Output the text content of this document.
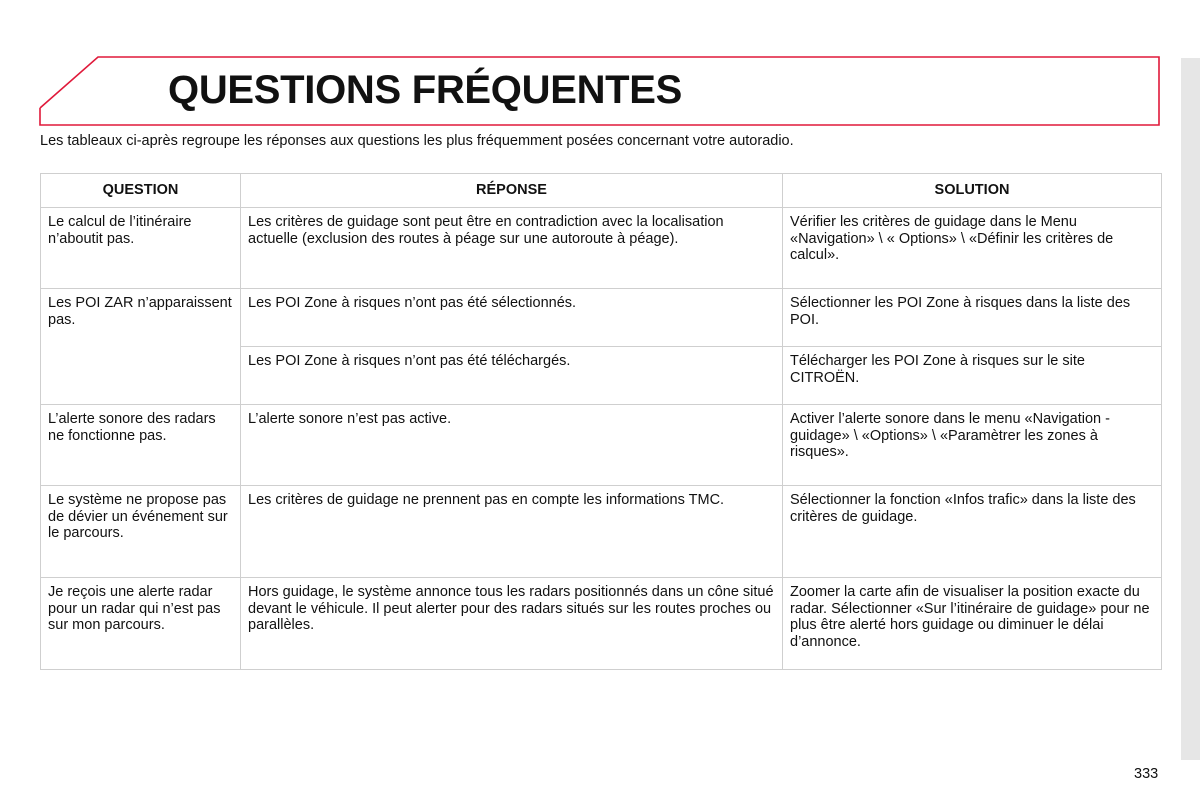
QUESTIONS FRÉQUENTES

Les tableaux ci-après regroupe les réponses aux questions les plus fréquemment posées concernant votre autoradio.

QUESTION	RÉPONSE	SOLUTION
Le calcul de l’itinéraire n’aboutit pas.	Les critères de guidage sont peut être en contradiction avec la localisation actuelle (exclusion des routes à péage sur une autoroute à péage).	Vérifier les critères de guidage dans le Menu «Navigation» \ « Options» \ «Définir les critères de calcul».
Les POI ZAR n’apparaissent pas.	Les POI Zone à risques n’ont pas été sélectionnés.	Sélectionner les POI Zone à risques dans la liste des POI.
	Les POI Zone à risques n’ont pas été téléchargés.	Télécharger les POI Zone à risques sur le site CITROËN.
L’alerte sonore des radars ne fonctionne pas.	L’alerte sonore n’est pas active.	Activer l’alerte sonore dans le menu «Navigation - guidage» \ «Options» \ «Paramètrer les zones à risques».
Le système ne propose pas de dévier un événement sur le parcours.	Les critères de guidage ne prennent pas en compte les informations TMC.	Sélectionner la fonction «Infos trafic» dans la liste des critères de guidage.
Je reçois une alerte radar pour un radar qui n’est pas sur mon parcours.	Hors guidage, le système annonce tous les radars positionnés dans un cône situé devant le véhicule. Il peut alerter pour des radars situés sur les routes proches ou parallèles.	Zoomer la carte afin de visualiser la position exacte du radar. Sélectionner «Sur l’itinéraire de guidage» pour ne plus être alerté hors guidage ou diminuer le délai d’annonce.

333
